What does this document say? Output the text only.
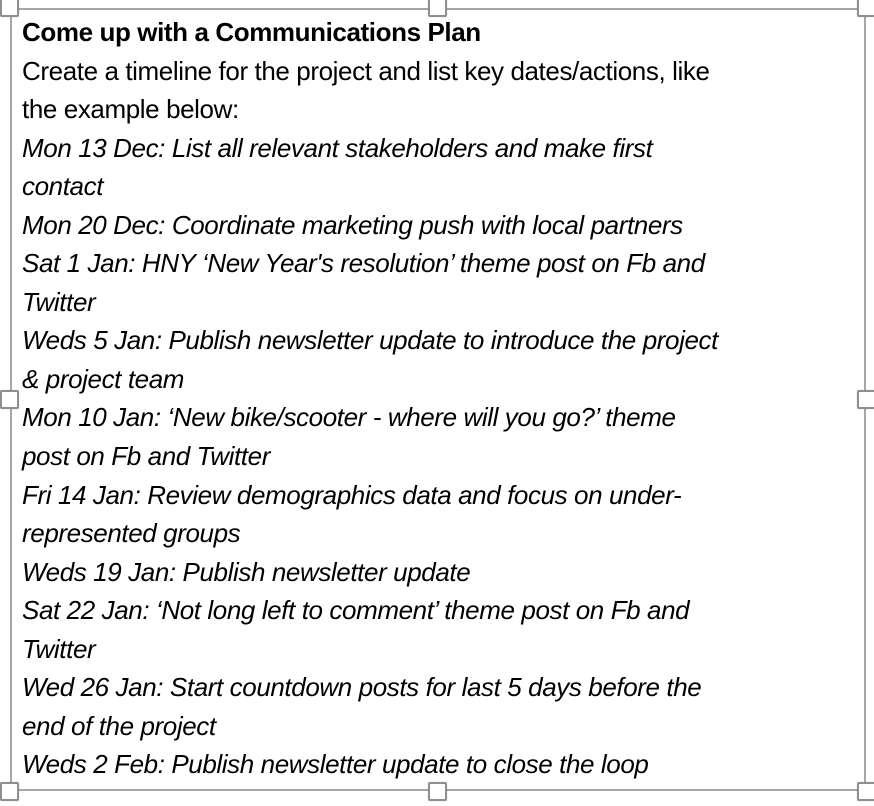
Come up with a Communications Plan
Create a timeline for the project and list key dates/actions, like
the example below:
Mon 13 Dec: List all relevant stakeholders and make first
contact
Mon 20 Dec: Coordinate marketing push with local partners
Sat 1 Jan: HNY ‘New Year's resolution’ theme post on Fb and
Twitter
Weds 5 Jan: Publish newsletter update to introduce the project
& project team
Mon 10 Jan: ‘New bike/scooter - where will you go?’ theme
post on Fb and Twitter
Fri 14 Jan: Review demographics data and focus on under-
represented groups
Weds 19 Jan: Publish newsletter update
Sat 22 Jan: ‘Not long left to comment’ theme post on Fb and
Twitter
Wed 26 Jan: Start countdown posts for last 5 days before the
end of the project
Weds 2 Feb: Publish newsletter update to close the loop
